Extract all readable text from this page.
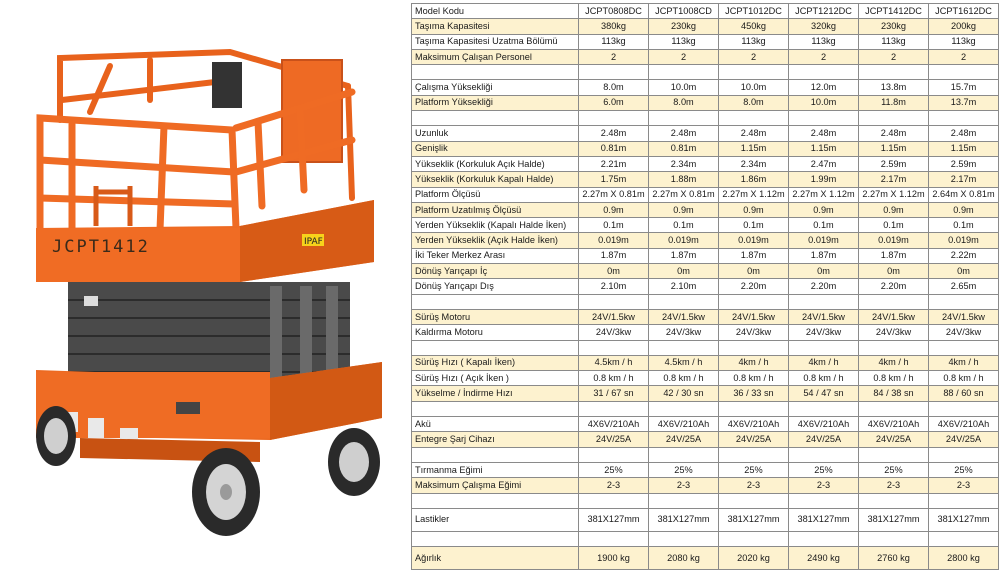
JCPT1412	IPAF
Model Kodu	JCPT0808DC	JCPT1008CD	JCPT1012DC	JCPT1212DC	JCPT1412DC	JCPT1612DC
Taşıma Kapasitesi	380kg	230kg	450kg	320kg	230kg	200kg
Taşıma Kapasitesi Uzatma Bölümü	113kg	113kg	113kg	113kg	113kg	113kg
Maksimum Çalışan Personel	2	2	2	2	2	2

Çalışma Yüksekliği	8.0m	10.0m	10.0m	12.0m	13.8m	15.7m
Platform Yüksekliği	6.0m	8.0m	8.0m	10.0m	11.8m	13.7m

Uzunluk	2.48m	2.48m	2.48m	2.48m	2.48m	2.48m
Genişlik	0.81m	0.81m	1.15m	1.15m	1.15m	1.15m
Yükseklik (Korkuluk Açık Halde)	2.21m	2.34m	2.34m	2.47m	2.59m	2.59m
Yükseklik (Korkuluk Kapalı Halde)	1.75m	1.88m	1.86m	1.99m	2.17m	2.17m
Platform Ölçüsü	2.27m X 0.81m	2.27m X 0.81m	2.27m X 1.12m	2.27m X 1.12m	2.27m X 1.12m	2.64m X 0.81m
Platform Uzatılmış Ölçüsü	0.9m	0.9m	0.9m	0.9m	0.9m	0.9m
Yerden Yükseklik (Kapalı Halde İken)	0.1m	0.1m	0.1m	0.1m	0.1m	0.1m
Yerden Yükseklik (Açık Halde İken)	0.019m	0.019m	0.019m	0.019m	0.019m	0.019m
İki Teker Merkez Arası	1.87m	1.87m	1.87m	1.87m	1.87m	2.22m
Dönüş Yarıçapı İç	0m	0m	0m	0m	0m	0m
Dönüş Yarıçapı Dış	2.10m	2.10m	2.20m	2.20m	2.20m	2.65m

Sürüş Motoru	24V/1.5kw	24V/1.5kw	24V/1.5kw	24V/1.5kw	24V/1.5kw	24V/1.5kw
Kaldırma Motoru	24V/3kw	24V/3kw	24V/3kw	24V/3kw	24V/3kw	24V/3kw

Sürüş Hızı ( Kapalı İken)	4.5km / h	4.5km / h	4km / h	4km / h	4km / h	4km / h
Sürüş Hızı ( Açık İken )	0.8 km / h	0.8 km / h	0.8 km / h	0.8 km / h	0.8 km / h	0.8 km / h
Yükselme / İndirme Hızı	31 / 67 sn	42 / 30 sn	36 / 33 sn	54 / 47 sn	84 / 38 sn	88 / 60 sn

Akü	4X6V/210Ah	4X6V/210Ah	4X6V/210Ah	4X6V/210Ah	4X6V/210Ah	4X6V/210Ah
Entegre Şarj Cihazı	24V/25A	24V/25A	24V/25A	24V/25A	24V/25A	24V/25A

Tırmanma Eğimi	25%	25%	25%	25%	25%	25%
Maksimum Çalışma Eğimi	2-3	2-3	2-3	2-3	2-3	2-3

Lastikler	381X127mm	381X127mm	381X127mm	381X127mm	381X127mm	381X127mm

Ağırlık	1900 kg	2080 kg	2020 kg	2490 kg	2760 kg	2800 kg
